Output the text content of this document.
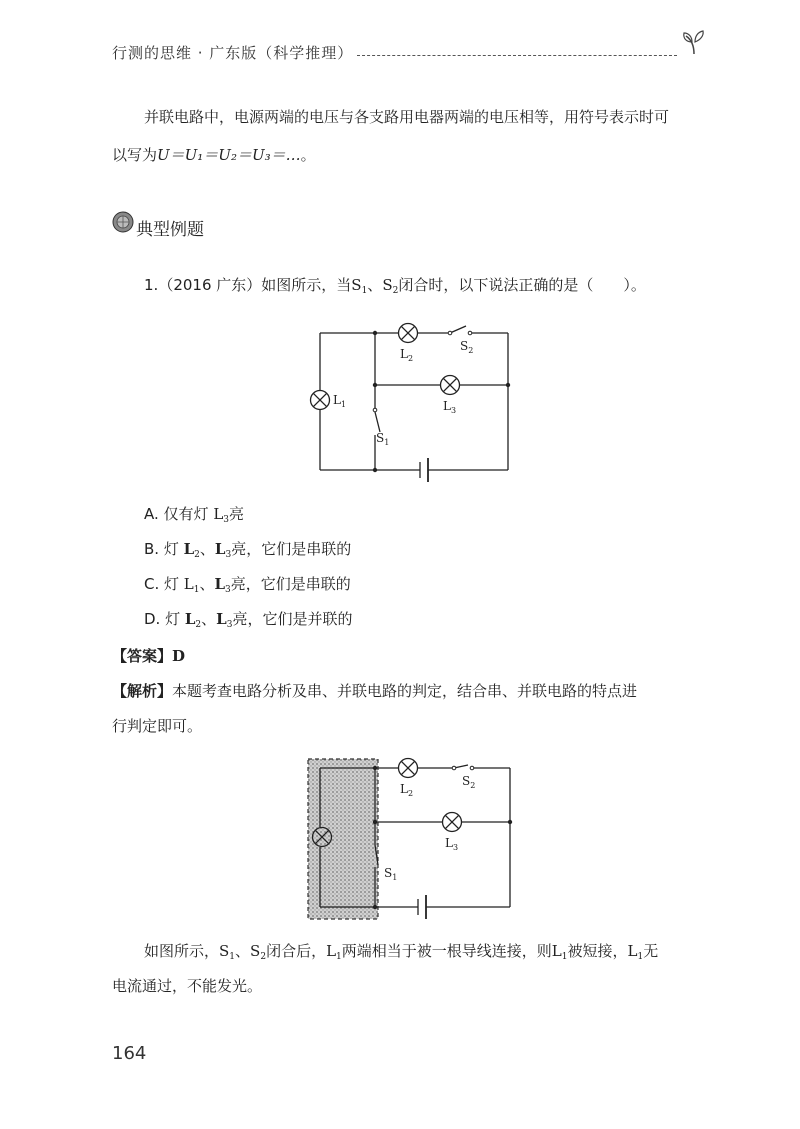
行测的思维 · 广东版（科学推理）
并联电路中，电源两端的电压与各支路用电器两端的电压相等，用符号表示时可
以写为U＝U₁＝U₂＝U₃＝…。
典型例题
1.（2016 广东）如图所示，当$S_1$、$S_2$闭合时，以下说法正确的是（　　）。
$L_2$
$S_2$
$L_3$
$L_1$
$S_1$
A. 仅有灯 $L_3$亮
B. 灯 $L_2$、$L_3$亮，它们是串联的
C. 灯 $L_1$、$L_3$亮，它们是串联的
D. 灯 $L_2$、$L_3$亮，它们是并联的
【答案】D
【解析】本题考查电路分析及串、并联电路的判定，结合串、并联电路的特点进
行判定即可。
$L_2$
$S_2$
$L_3$
$S_1$
如图所示，$S_1$、$S_2$闭合后，$L_1$两端相当于被一根导线连接，则$L_1$被短接，$L_1$无
电流通过，不能发光。
164
